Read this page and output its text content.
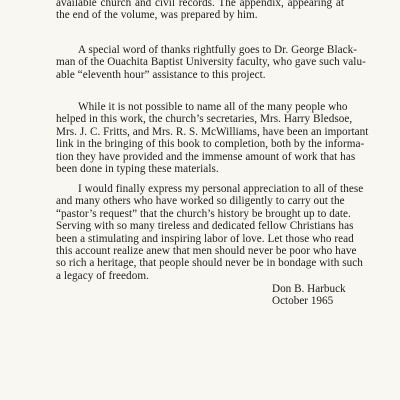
available church and civil records. The appendix, appearing at
the end of the volume, was prepared by him.
A special word of thanks rightfully goes to Dr. George Black-
man of the Ouachita Baptist University faculty, who gave such valu-
able “eleventh hour” assistance to this project.
While it is not possible to name all of the many people who
helped in this work, the church’s secretaries, Mrs. Harry Bledsoe,
Mrs. J. C. Fritts, and Mrs. R. S. McWilliams, have been an important
link in the bringing of this book to completion, both by the informa-
tion they have provided and the immense amount of work that has
been done in typing these materials.
I would finally express my personal appreciation to all of these
and many others who have worked so diligently to carry out the
“pastor’s request” that the church’s history be brought up to date.
Serving with so many tireless and dedicated fellow Christians has
been a stimulating and inspiring labor of love. Let those who read
this account realize anew that men should never be poor who have
so rich a heritage, that people should never be in bondage with such
a legacy of freedom.
Don B. Harbuck
October 1965
